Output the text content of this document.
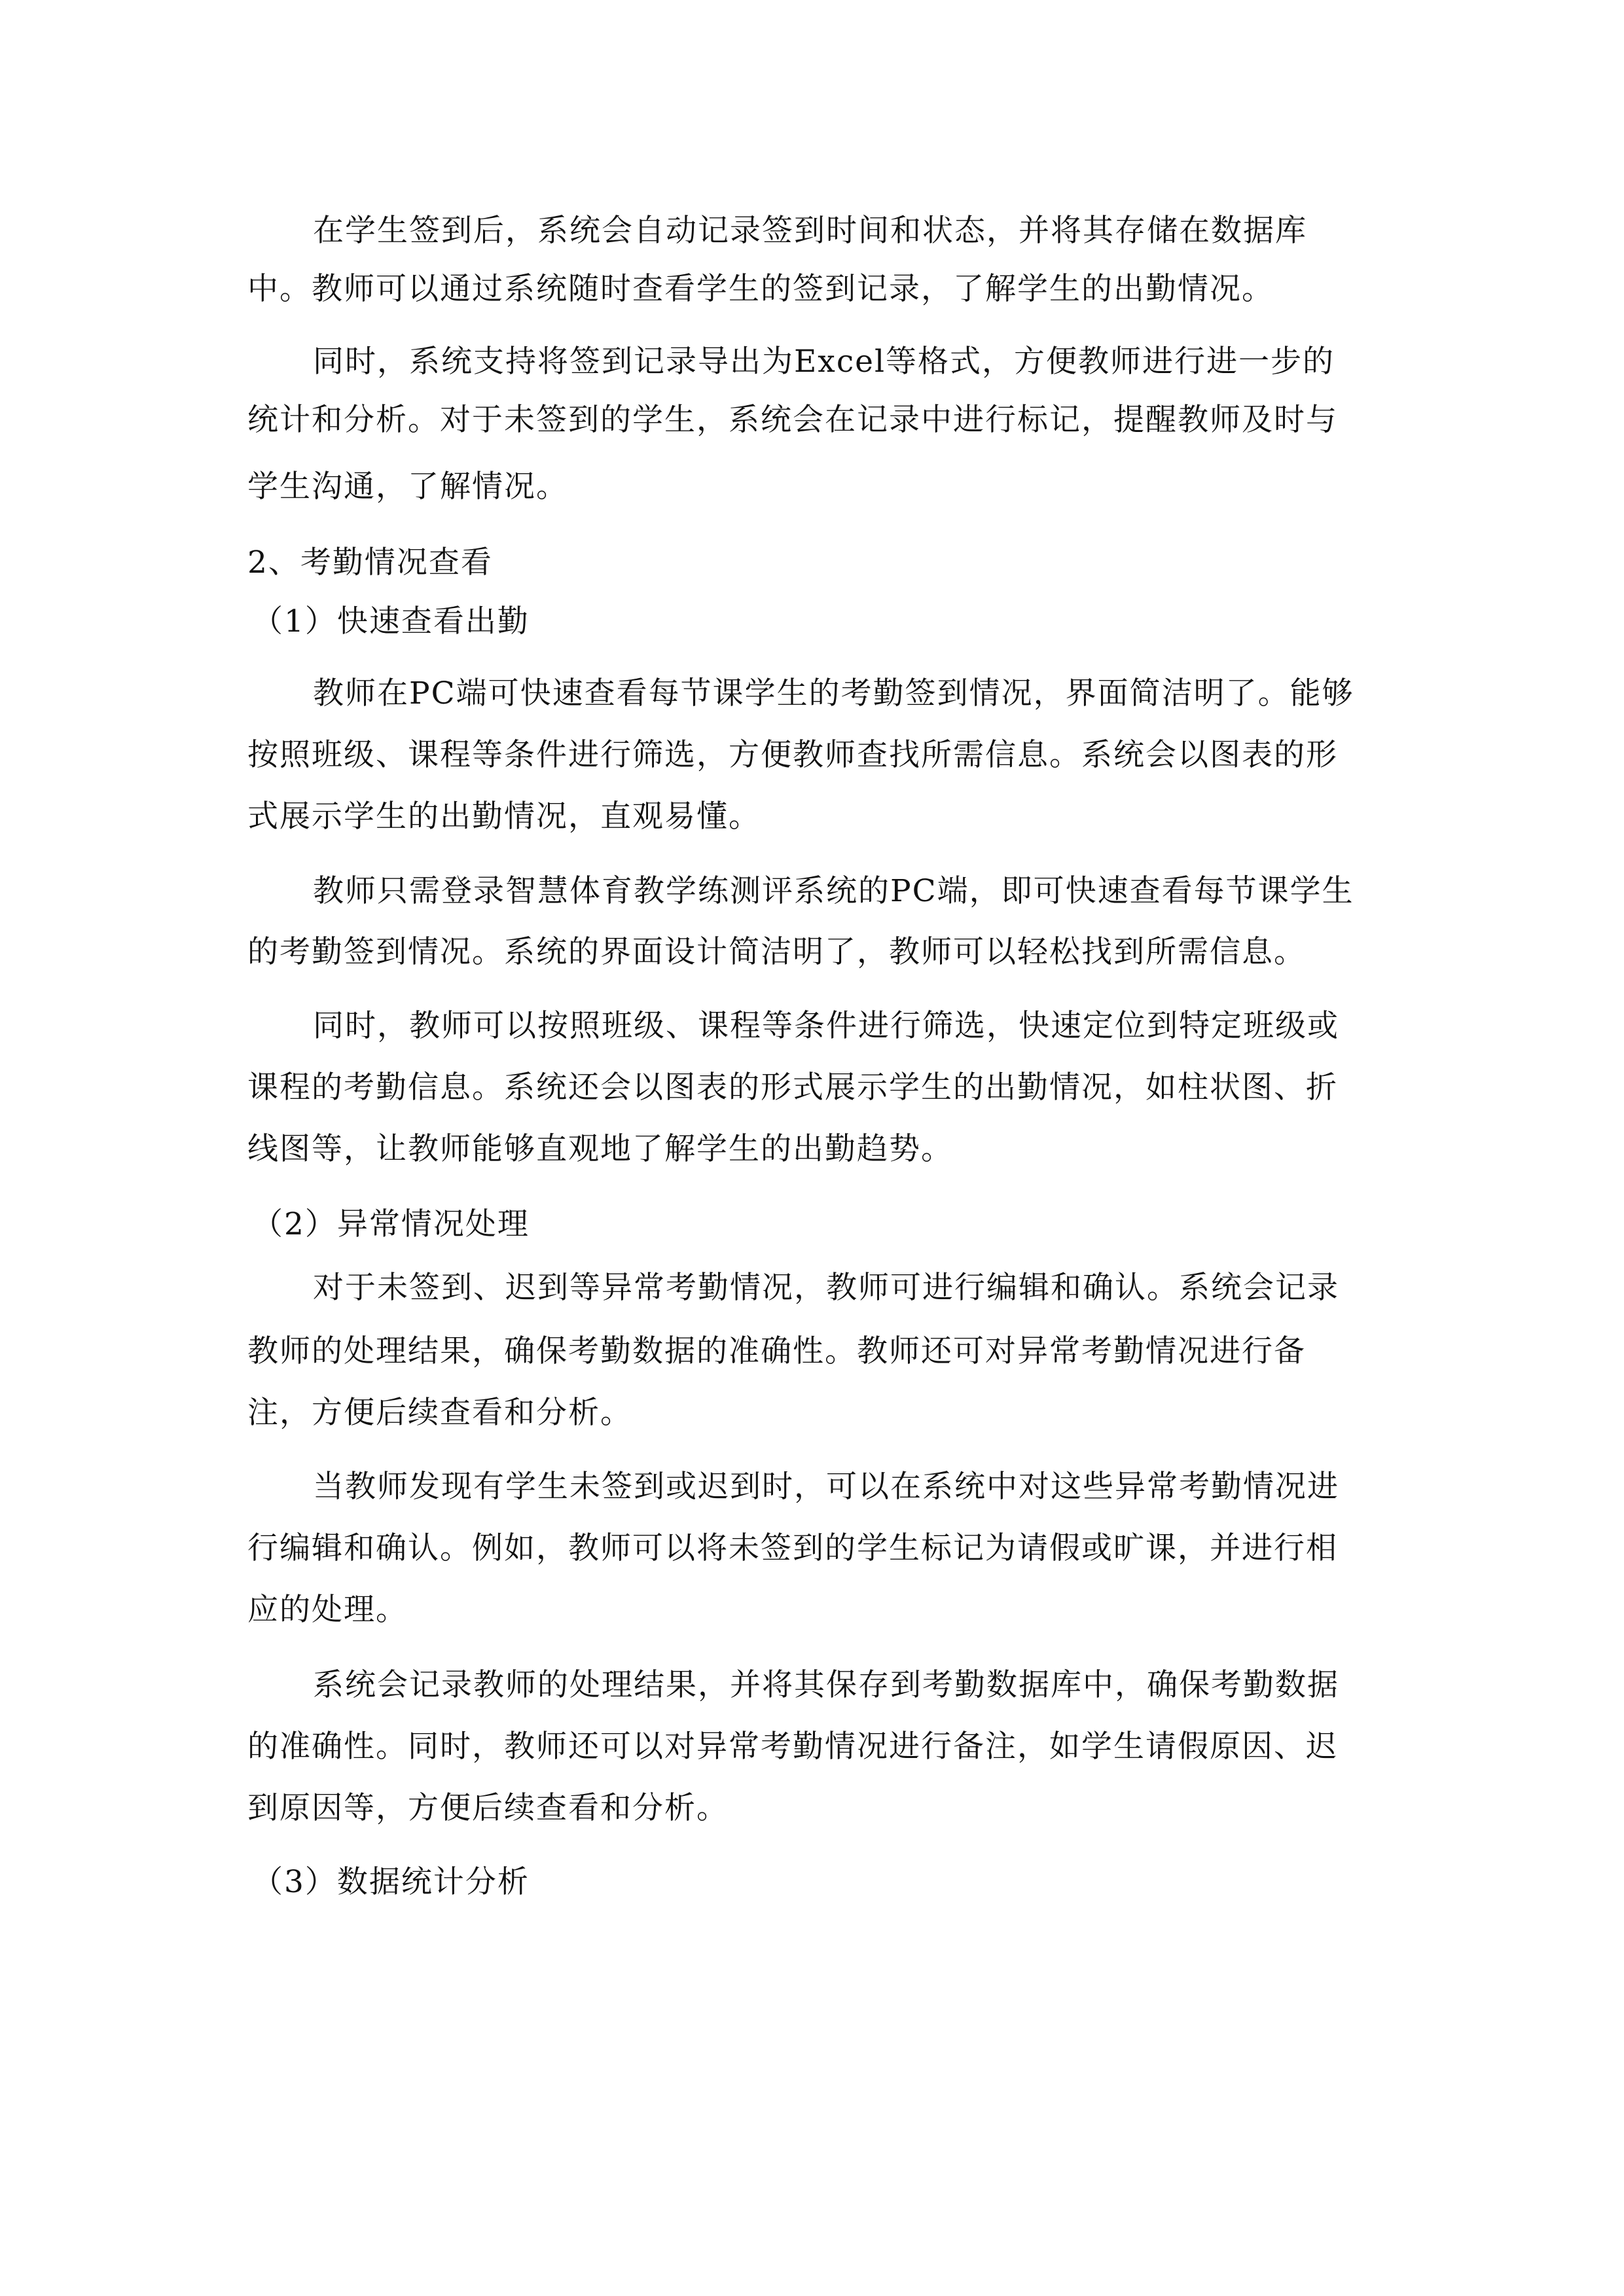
在学生签到后，系统会自动记录签到时间和状态，并将其存储在数据库
中。教师可以通过系统随时查看学生的签到记录，了解学生的出勤情况。
同时，系统支持将签到记录导出为Excel等格式，方便教师进行进一步的
统计和分析。对于未签到的学生，系统会在记录中进行标记，提醒教师及时与
学生沟通，了解情况。
2、考勤情况查看
（1）快速查看出勤
教师在PC端可快速查看每节课学生的考勤签到情况，界面简洁明了。能够
按照班级、课程等条件进行筛选，方便教师查找所需信息。系统会以图表的形
式展示学生的出勤情况，直观易懂。
教师只需登录智慧体育教学练测评系统的PC端，即可快速查看每节课学生
的考勤签到情况。系统的界面设计简洁明了，教师可以轻松找到所需信息。
同时，教师可以按照班级、课程等条件进行筛选，快速定位到特定班级或
课程的考勤信息。系统还会以图表的形式展示学生的出勤情况，如柱状图、折
线图等，让教师能够直观地了解学生的出勤趋势。
（2）异常情况处理
对于未签到、迟到等异常考勤情况，教师可进行编辑和确认。系统会记录
教师的处理结果，确保考勤数据的准确性。教师还可对异常考勤情况进行备
注，方便后续查看和分析。
当教师发现有学生未签到或迟到时，可以在系统中对这些异常考勤情况进
行编辑和确认。例如，教师可以将未签到的学生标记为请假或旷课，并进行相
应的处理。
系统会记录教师的处理结果，并将其保存到考勤数据库中，确保考勤数据
的准确性。同时，教师还可以对异常考勤情况进行备注，如学生请假原因、迟
到原因等，方便后续查看和分析。
（3）数据统计分析
